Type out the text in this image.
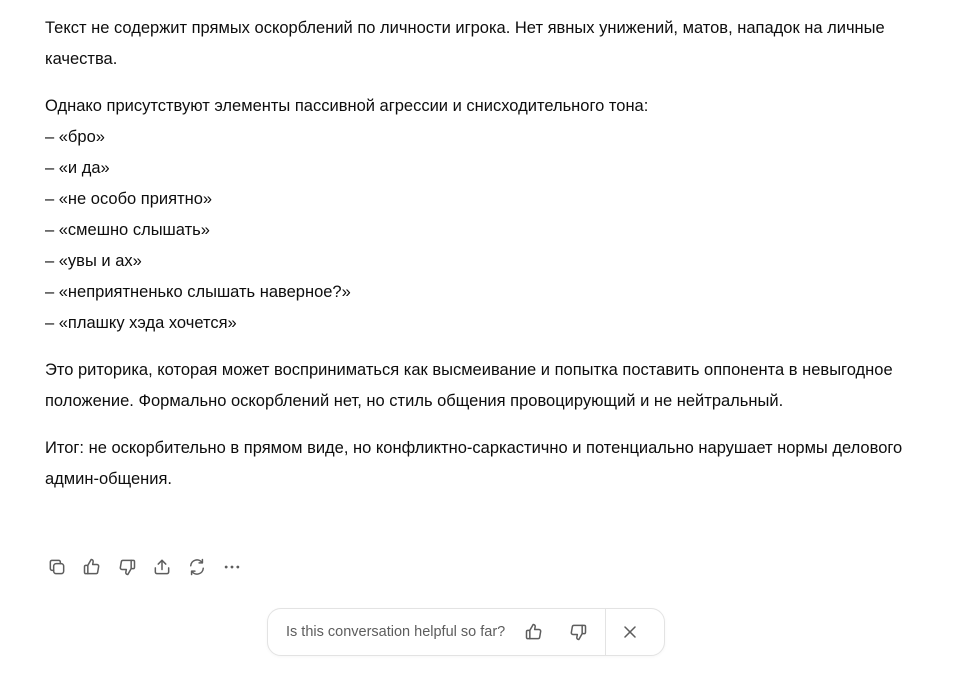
Текст не содержит прямых оскорблений по личности игрока. Нет явных унижений, матов, нападок на личные качества.

Однако присутствуют элементы пассивной агрессии и снисходительного тона:
– «бро»
– «и да»
– «не особо приятно»
– «смешно слышать»
– «увы и ах»
– «неприятненько слышать наверное?»
– «плашку хэда хочется»

Это риторика, которая может восприниматься как высмеивание и попытка поставить оппонента в невыгодное положение. Формально оскорблений нет, но стиль общения провоцирующий и не нейтральный.

Итог: не оскорбительно в прямом виде, но конфликтно-саркастично и потенциально нарушает нормы делового админ-общения.

Is this conversation helpful so far?
